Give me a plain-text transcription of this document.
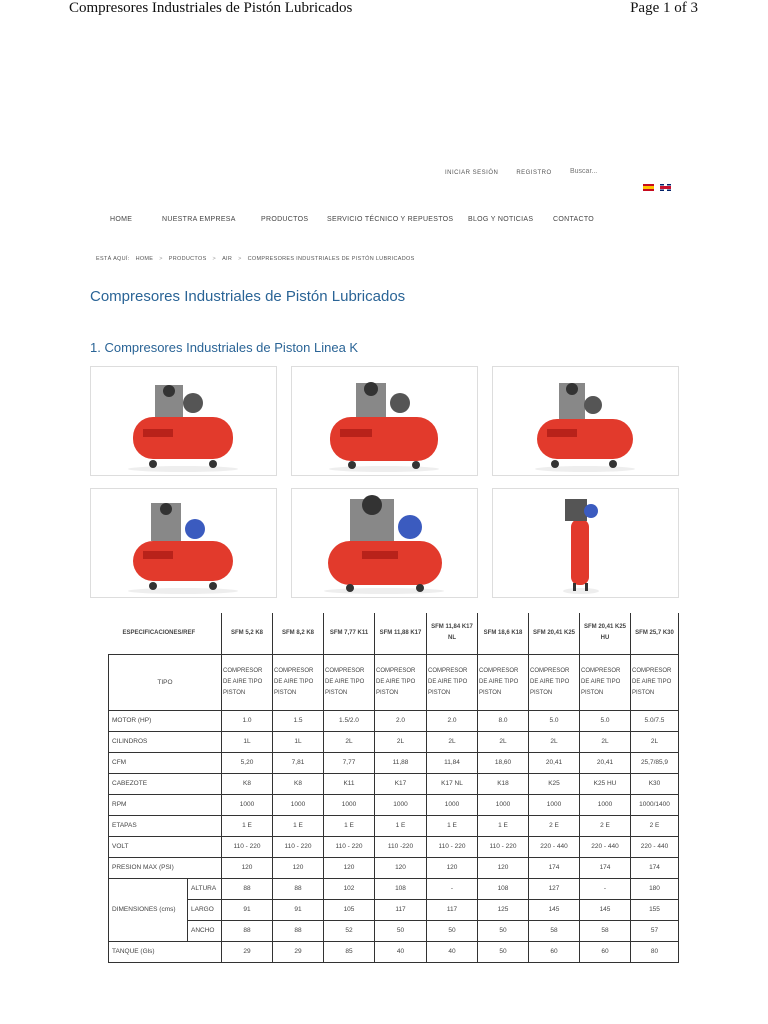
Compresores Industriales de Pistón Lubricados	Page 1 of 3
INICIAR SESIÓN	REGISTRO
Buscar...
HOME	NUESTRA EMPRESA	PRODUCTOS	SERVICIO TÉCNICO Y REPUESTOS	BLOG Y NOTICIAS	CONTACTO
ESTÁ AQUÍ: HOME > PRODUCTOS > AIR > COMPRESORES INDUSTRIALES DE PISTÓN LUBRICADOS
Compresores Industriales de Pistón Lubricados
1. Compresores Industriales de Piston Linea K
ESPECIFICACIONES/REF		SFM 5,2 K8	SFM 8,2 K8	SFM 7,77 K11	SFM 11,88 K17	SFM 11,84 K17 NL	SFM 18,6 K18	SFM 20,41 K25	SFM 20,41 K25 HU	SFM 25,7 K30
TIPO		COMPRESOR DE AIRE TIPO PISTON	COMPRESOR DE AIRE TIPO PISTON	COMPRESOR DE AIRE TIPO PISTON	COMPRESOR DE AIRE TIPO PISTON	COMPRESOR DE AIRE TIPO PISTON	COMPRESOR DE AIRE TIPO PISTON	COMPRESOR DE AIRE TIPO PISTON	COMPRESOR DE AIRE TIPO PISTON	COMPRESOR DE AIRE TIPO PISTON
MOTOR (HP)		1.0	1.5	1.5/2.0	2.0	2.0	8.0	5.0	5.0	5.0/7.5
CILINDROS		1L	1L	2L	2L	2L	2L	2L	2L	2L
CFM		5,20	7,81	7,77	11,88	11,84	18,60	20,41	20,41	25,7/85,9
CABEZOTE		K8	K8	K11	K17	K17 NL	K18	K25	K25 HU	K30
RPM		1000	1000	1000	1000	1000	1000	1000	1000	1000/1400
ETAPAS		1 E	1 E	1 E	1 E	1 E	1 E	2 E	2 E	2 E
VOLT		110 - 220	110 - 220	110 - 220	110 -220	110 - 220	110 - 220	220 - 440	220 - 440	220 - 440
PRESION MAX (PSI)		120	120	120	120	120	120	174	174	174
DIMENSIONES (cms)	ALTURA	88	88	102	108	-	108	127	-	180
	LARGO	91	91	105	117	117	125	145	145	155
	ANCHO	88	88	52	50	50	50	58	58	57
TANQUE (Gls)		29	29	85	40	40	50	60	60	80
